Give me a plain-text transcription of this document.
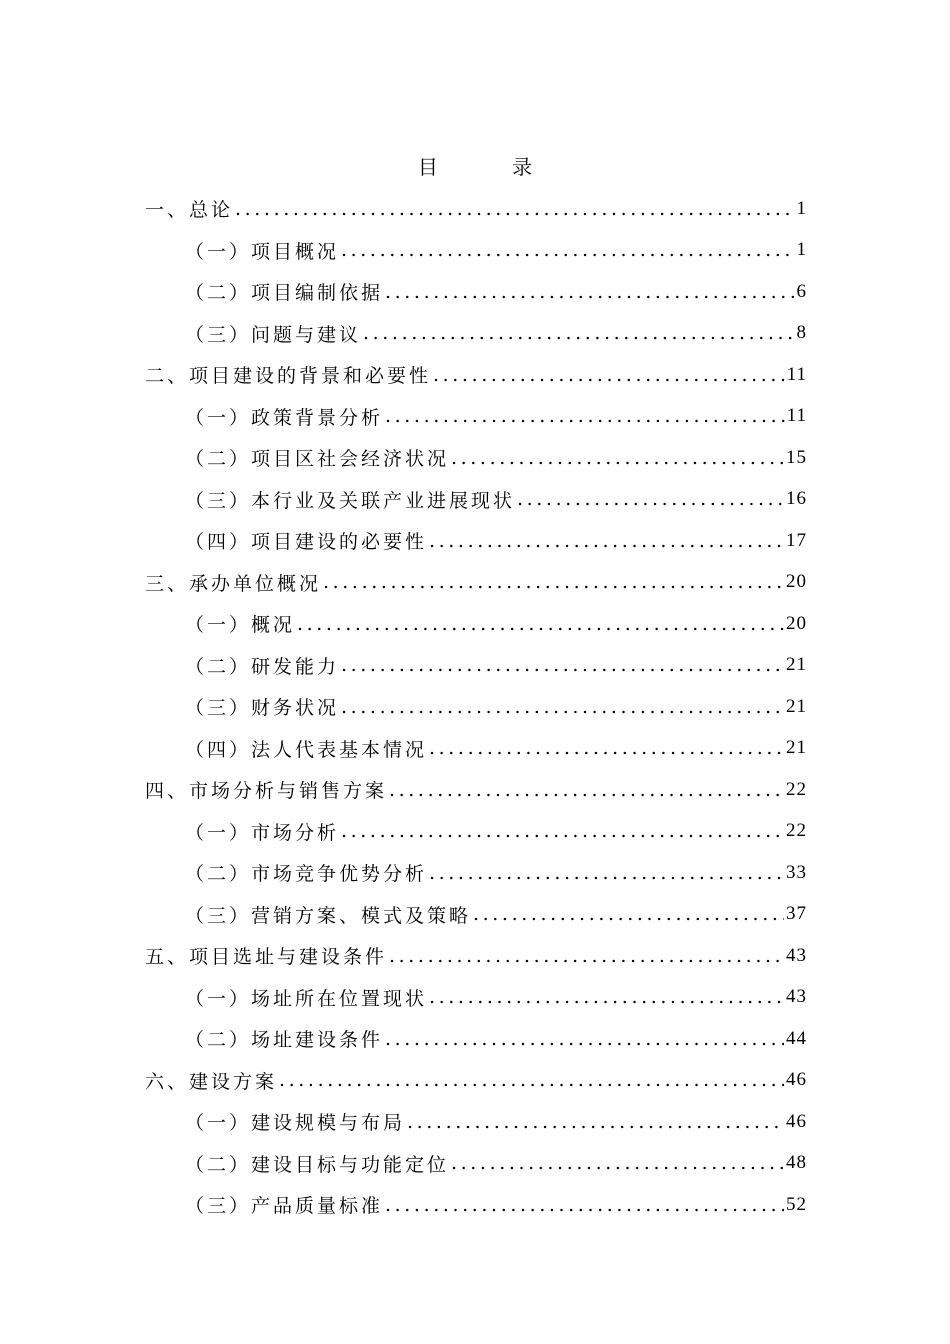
目 录
一、总论 .....	1
（一）项目概况 .....	1
（二）项目编制依据 .....	6
（三）问题与建议 .....	8
二、项目建设的背景和必要性 .....	11
（一）政策背景分析 .....	11
（二）项目区社会经济状况 .....	15
（三）本行业及关联产业进展现状 .....	16
（四）项目建设的必要性 .....	17
三、承办单位概况 .....	20
（一）概况 .....	20
（二）研发能力 .....	21
（三）财务状况 .....	21
（四）法人代表基本情况 .....	21
四、市场分析与销售方案 .....	22
（一）市场分析 .....	22
（二）市场竞争优势分析 .....	33
（三）营销方案、模式及策略 .....	37
五、项目选址与建设条件 .....	43
（一）场址所在位置现状 .....	43
（二）场址建设条件 .....	44
六、建设方案 .....	46
（一）建设规模与布局 .....	46
（二）建设目标与功能定位 .....	48
（三）产品质量标准 .....	52
